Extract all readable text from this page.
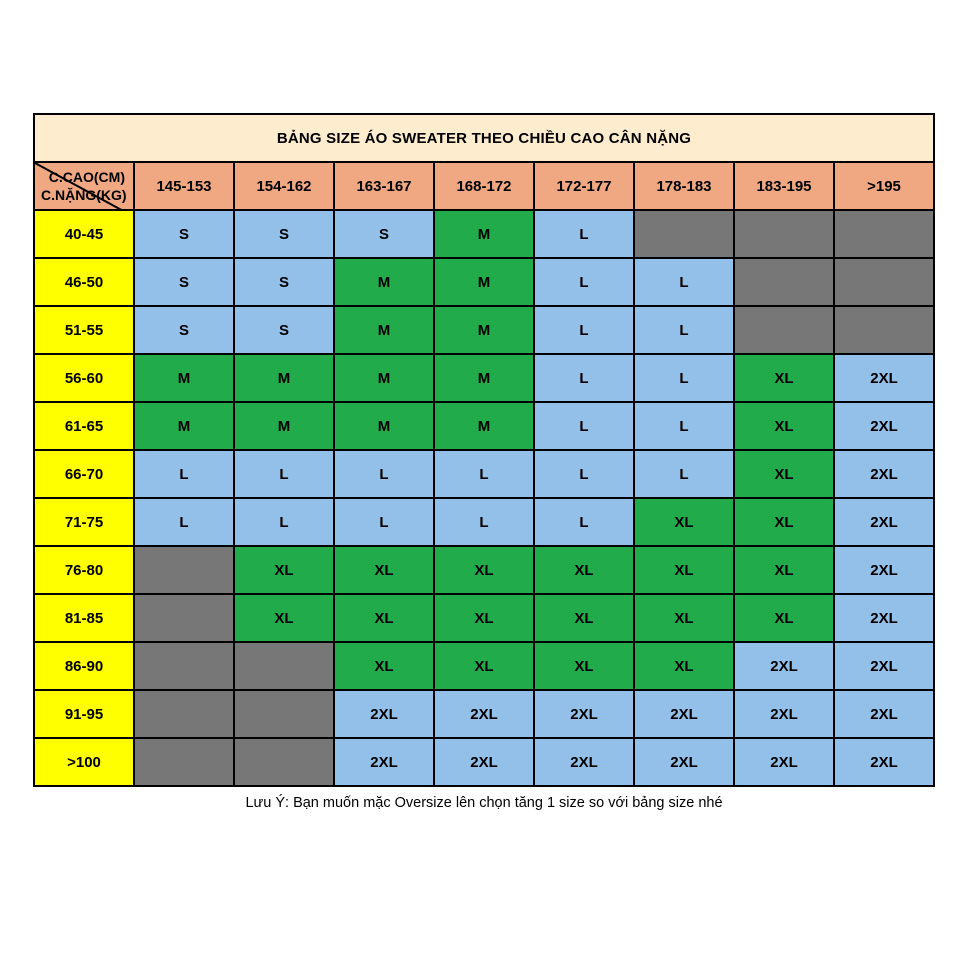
BẢNG SIZE ÁO SWEATER THEO CHIỀU CAO CÂN NẶNG								

C.CAO(CM)
C.NẶNG(KG)	145-153	154-162	163-167	168-172	172-177	178-183	183-195	>195
40-45	S	S	S	M	L			
46-50	S	S	M	M	L	L		
51-55	S	S	M	M	L	L		
56-60	M	M	M	M	L	L	XL	2XL
61-65	M	M	M	M	L	L	XL	2XL
66-70	L	L	L	L	L	L	XL	2XL
71-75	L	L	L	L	L	XL	XL	2XL
76-80		XL	XL	XL	XL	XL	XL	2XL
81-85		XL	XL	XL	XL	XL	XL	2XL
86-90			XL	XL	XL	XL	2XL	2XL
91-95			2XL	2XL	2XL	2XL	2XL	2XL
>100			2XL	2XL	2XL	2XL	2XL	2XL
Lưu Ý: Bạn muốn mặc Oversize lên chọn tăng 1 size so với bảng size nhé
